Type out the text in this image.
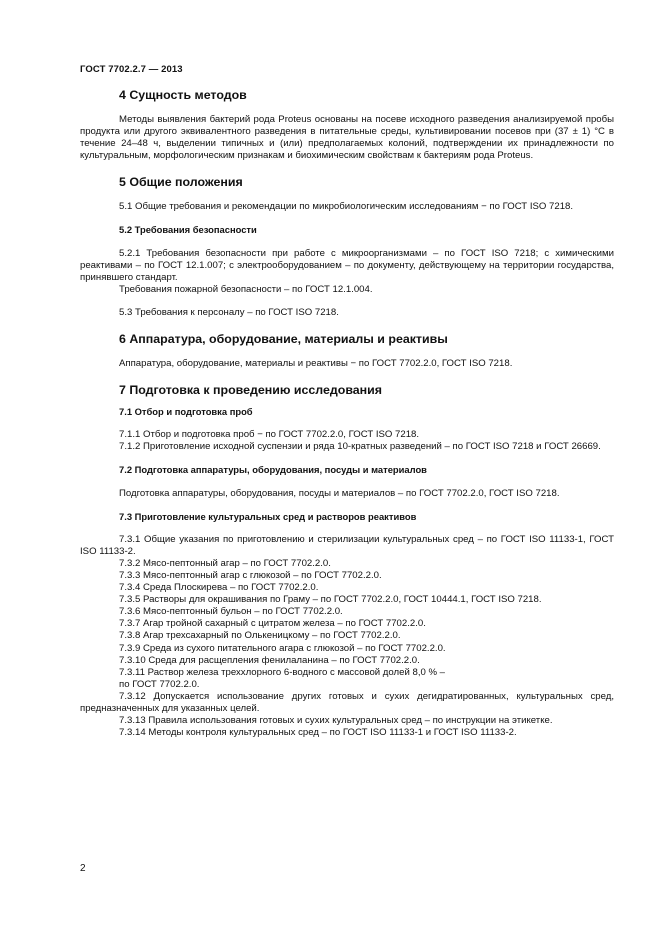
ГОСТ 7702.2.7 — 2013
4 Сущность методов

Методы выявления бактерий рода Proteus основаны на посеве исходного разведения анализируемой пробы продукта или другого эквивалентного разведения в питательные среды, культивировании посевов при (37 ± 1) °С в течение 24–48 ч, выделении типичных и (или) предполагаемых колоний, подтверждении их принадлежности по культуральным, морфологическим признакам и биохимическим свойствам к бактериям рода Proteus.

5 Общие положения

5.1 Общие требования и рекомендации по микробиологическим исследованиям − по ГОСТ ISO 7218.

5.2 Требования безопасности

5.2.1 Требования безопасности при работе с микроорганизмами – по ГОСТ ISO 7218; с химическими реактивами – по ГОСТ 12.1.007; с электрооборудованием – по документу, действующему на территории государства, принявшего стандарт.

Требования пожарной безопасности – по ГОСТ 12.1.004.

5.3 Требования к персоналу – по ГОСТ ISO 7218.

6 Аппаратура, оборудование, материалы и реактивы

Аппаратура, оборудование, материалы и реактивы − по ГОСТ 7702.2.0, ГОСТ ISO 7218.

7 Подготовка к проведению исследования
7.1 Отбор и подготовка проб

7.1.1 Отбор и подготовка проб − по ГОСТ 7702.2.0, ГОСТ ISO 7218.

7.1.2 Приготовление исходной суспензии и ряда 10-кратных разведений – по ГОСТ ISO 7218 и ГОСТ 26669.

7.2 Подготовка аппаратуры, оборудования, посуды и материалов

Подготовка аппаратуры, оборудования, посуды и материалов – по ГОСТ 7702.2.0, ГОСТ ISO 7218.

7.3 Приготовление культуральных сред и растворов реактивов

7.3.1 Общие указания по приготовлению и стерилизации культуральных сред – по ГОСТ ISO 11133-1, ГОСТ ISO 11133-2.

7.3.2 Мясо-пептонный агар – по ГОСТ 7702.2.0.

7.3.3 Мясо-пептонный агар с глюкозой – по ГОСТ 7702.2.0.

7.3.4 Среда Плоскирева – по ГОСТ 7702.2.0.

7.3.5 Растворы для окрашивания по Граму – по ГОСТ 7702.2.0, ГОСТ 10444.1, ГОСТ ISO 7218.

7.3.6 Мясо-пептонный бульон – по ГОСТ 7702.2.0.

7.3.7 Агар тройной сахарный с цитратом железа – по ГОСТ 7702.2.0.

7.3.8 Агар трехсахарный по Олькеницкому – по ГОСТ 7702.2.0.

7.3.9 Среда из сухого питательного агара с глюкозой – по ГОСТ 7702.2.0.

7.3.10 Среда для расщепления фенилаланина – по ГОСТ 7702.2.0.

7.3.11 Раствор железа треххлорного 6-водного с массовой долей 8,0 % –

по ГОСТ 7702.2.0.

7.3.12 Допускается использование других готовых и сухих дегидратированных, культуральных сред, предназначенных для указанных целей.

7.3.13 Правила использования готовых и сухих культуральных сред – по инструкции на этикетке.

7.3.14 Методы контроля культуральных сред – по ГОСТ ISO 11133-1 и ГОСТ ISO 11133-2.

2
